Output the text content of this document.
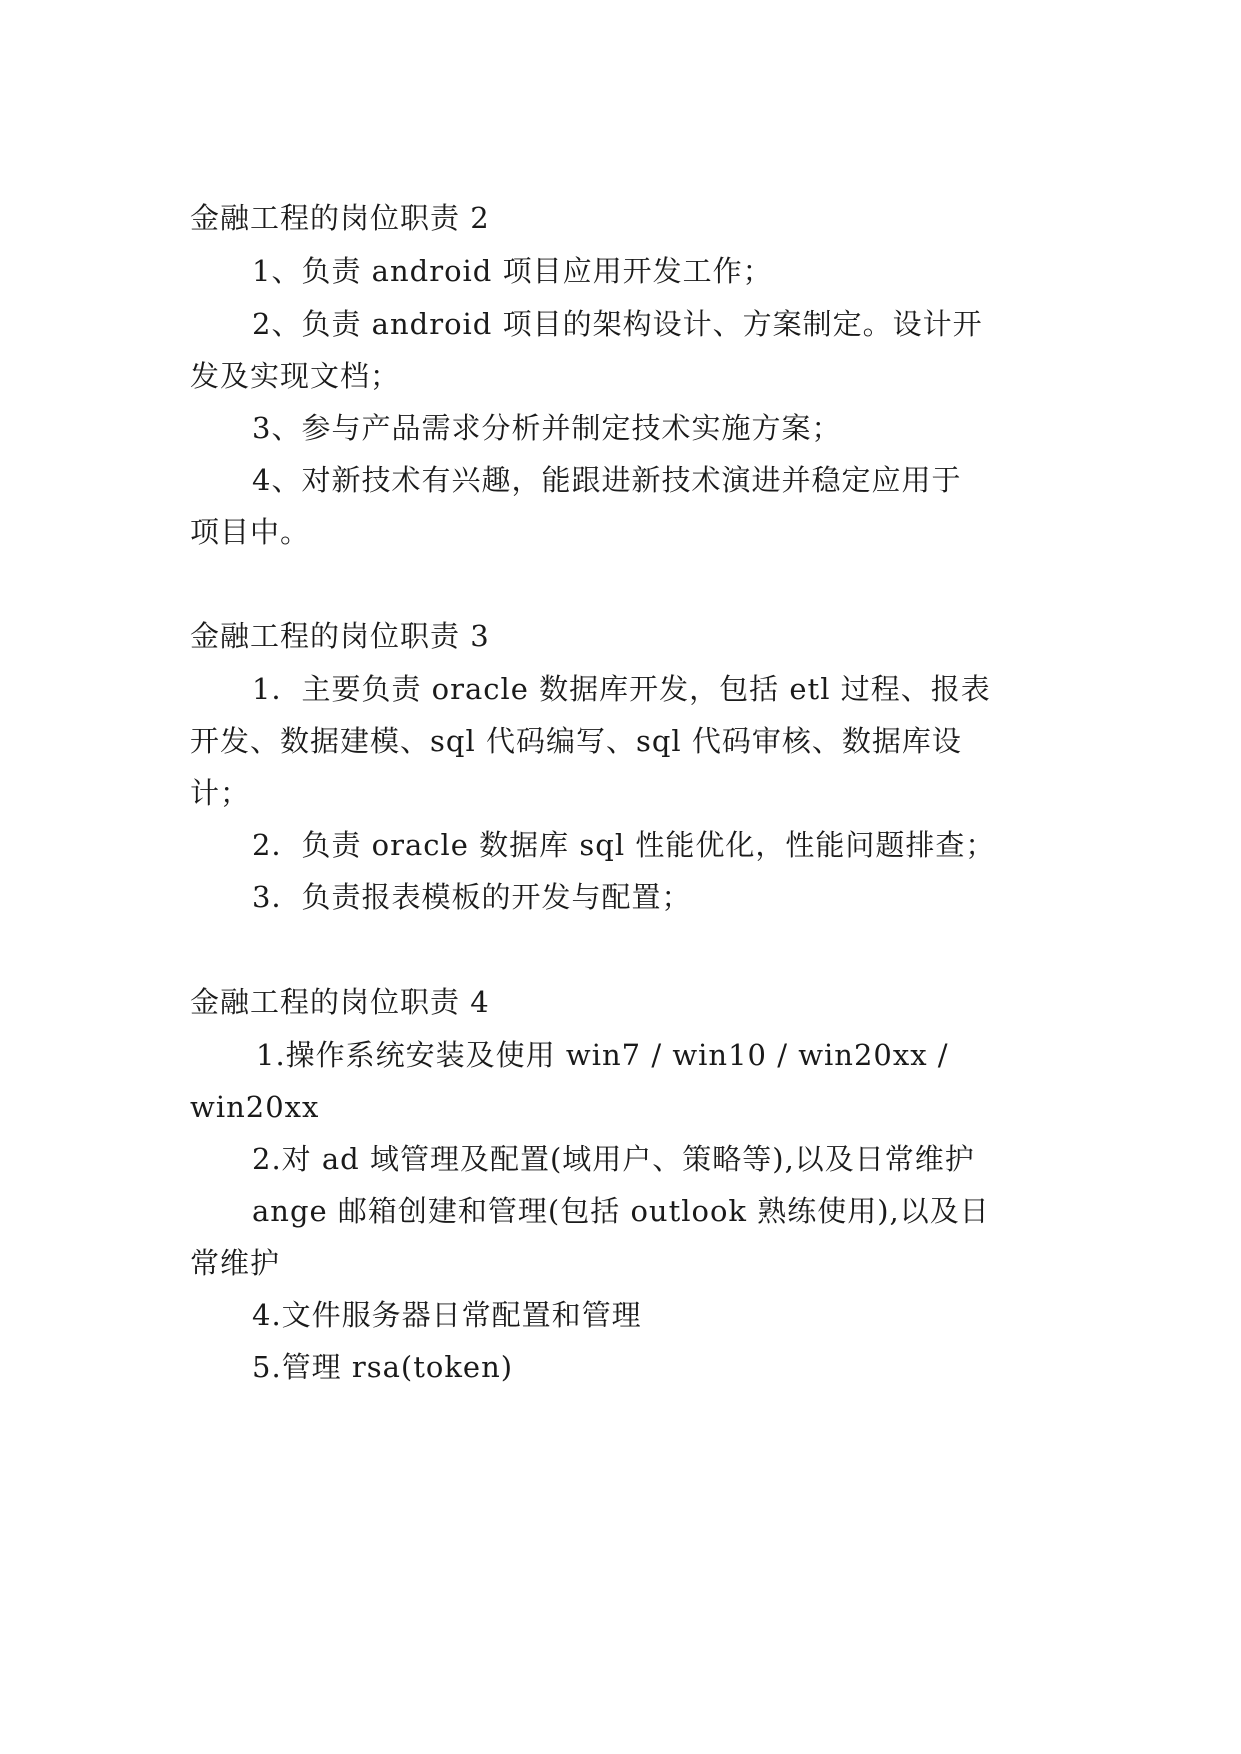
金融工程的岗位职责 2
1、负责 android 项目应用开发工作；
2、负责 android 项目的架构设计、方案制定。设计开
发及实现文档；
3、参与产品需求分析并制定技术实施方案；
4、对新技术有兴趣，能跟进新技术演进并稳定应用于
项目中。
金融工程的岗位职责 3
1．主要负责 oracle 数据库开发，包括 etl 过程、报表
开发、数据建模、sql 代码编写、sql 代码审核、数据库设
计；
2．负责 oracle 数据库 sql 性能优化，性能问题排查；
3．负责报表模板的开发与配置；
金融工程的岗位职责 4
1.操作系统安装及使用 win7 / win10 / win20xx /
win20xx
2.对 ad 域管理及配置(域用户、策略等),以及日常维护
ange 邮箱创建和管理(包括 outlook 熟练使用),以及日
常维护
4.文件服务器日常配置和管理
5.管理 rsa(token)
